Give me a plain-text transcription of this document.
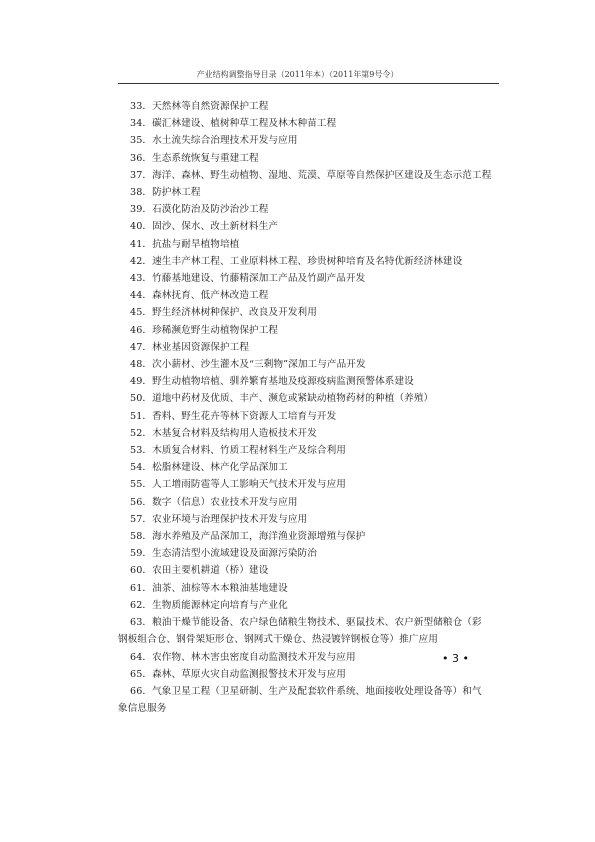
产业结构调整指导目录（2011年本）（2011年第9号令）
33．天然林等自然资源保护工程
34．碳汇林建设、植树种草工程及林木种苗工程
35．水土流失综合治理技术开发与应用
36．生态系统恢复与重建工程
37．海洋、森林、野生动植物、湿地、荒漠、草原等自然保护区建设及生态示范工程
38．防护林工程
39．石漠化防治及防沙治沙工程
40．固沙、保水、改土新材料生产
41．抗盐与耐旱植物培植
42．速生丰产林工程、工业原料林工程、珍贵树种培育及名特优新经济林建设
43．竹藤基地建设、竹藤精深加工产品及竹副产品开发
44．森林抚育、低产林改造工程
45．野生经济林树种保护、改良及开发利用
46．珍稀濒危野生动植物保护工程
47．林业基因资源保护工程
48．次小薪材、沙生灌木及“三剩物”深加工与产品开发
49．野生动植物培植、驯养繁育基地及疫源疫病监测预警体系建设
50．道地中药材及优质、丰产、濒危或紧缺动植物药材的种植（养殖）
51．香料、野生花卉等林下资源人工培育与开发
52．木基复合材料及结构用人造板技术开发
53．木质复合材料、竹质工程材料生产及综合利用
54．松脂林建设、林产化学品深加工
55．人工增雨防雹等人工影响天气技术开发与应用
56．数字（信息）农业技术开发与应用
57．农业环境与治理保护技术开发与应用
58．海水养殖及产品深加工，海洋渔业资源增殖与保护
59．生态清洁型小流域建设及面源污染防治
60．农田主要机耕道（桥）建设
61．油茶、油棕等木本粮油基地建设
62．生物质能源林定向培育与产业化
63．粮油干燥节能设备、农户绿色储粮生物技术、驱鼠技术、农户新型储粮仓（彩钢板组合仓、钢骨架矩形仓、钢网式干燥仓、热浸镀锌钢板仓等）推广应用
64．农作物、林木害虫密度自动监测技术开发与应用
65．森林、草原火灾自动监测报警技术开发与应用
66．气象卫星工程（卫星研制、生产及配套软件系统、地面接收处理设备等）和气象信息服务
• 3 •
